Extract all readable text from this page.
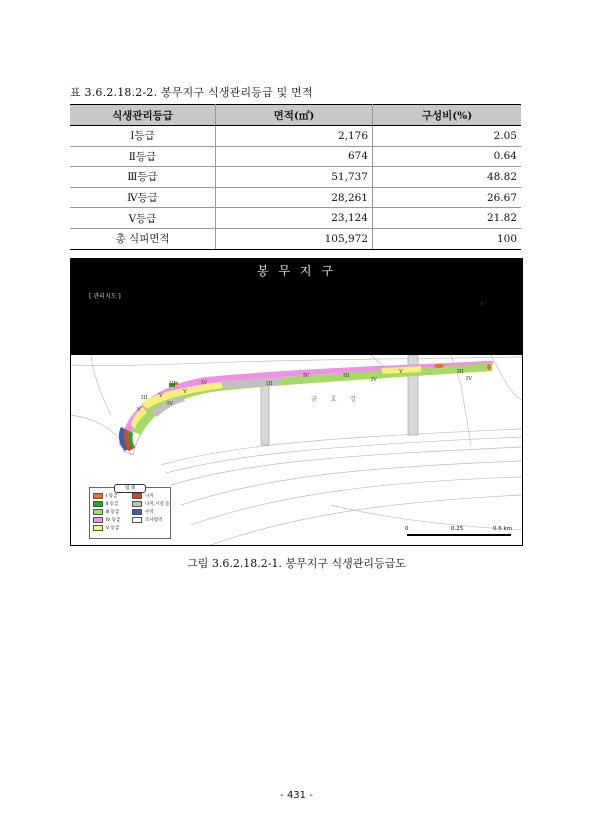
표 3.6.2.18.2-2. 봉무지구 식생관리등급 및 면적
식생관리등급	면적(㎡)	구성비(%)
Ⅰ등급	2,176	2.05
Ⅱ등급	674	0.64
Ⅲ등급	51,737	48.82
Ⅳ등급	28,261	26.67
Ⅴ등급	23,124	21.82
총 식피면적	105,972	100
봉 무 지 구
[ 관리지도 ]
⁘
IV	III
IV	III
IV
V	III
IV
III
V
V
III
V
IV
금 호 강
범 례
Ⅰ 등급	나지
Ⅱ 등급	나지,시설 등
Ⅲ 등급	수역
Ⅳ 등급	조사범역
Ⅴ 등급	0	0.25	0.5 km
그림 3.6.2.18.2-1. 봉무지구 식생관리등급도
- 431 -
